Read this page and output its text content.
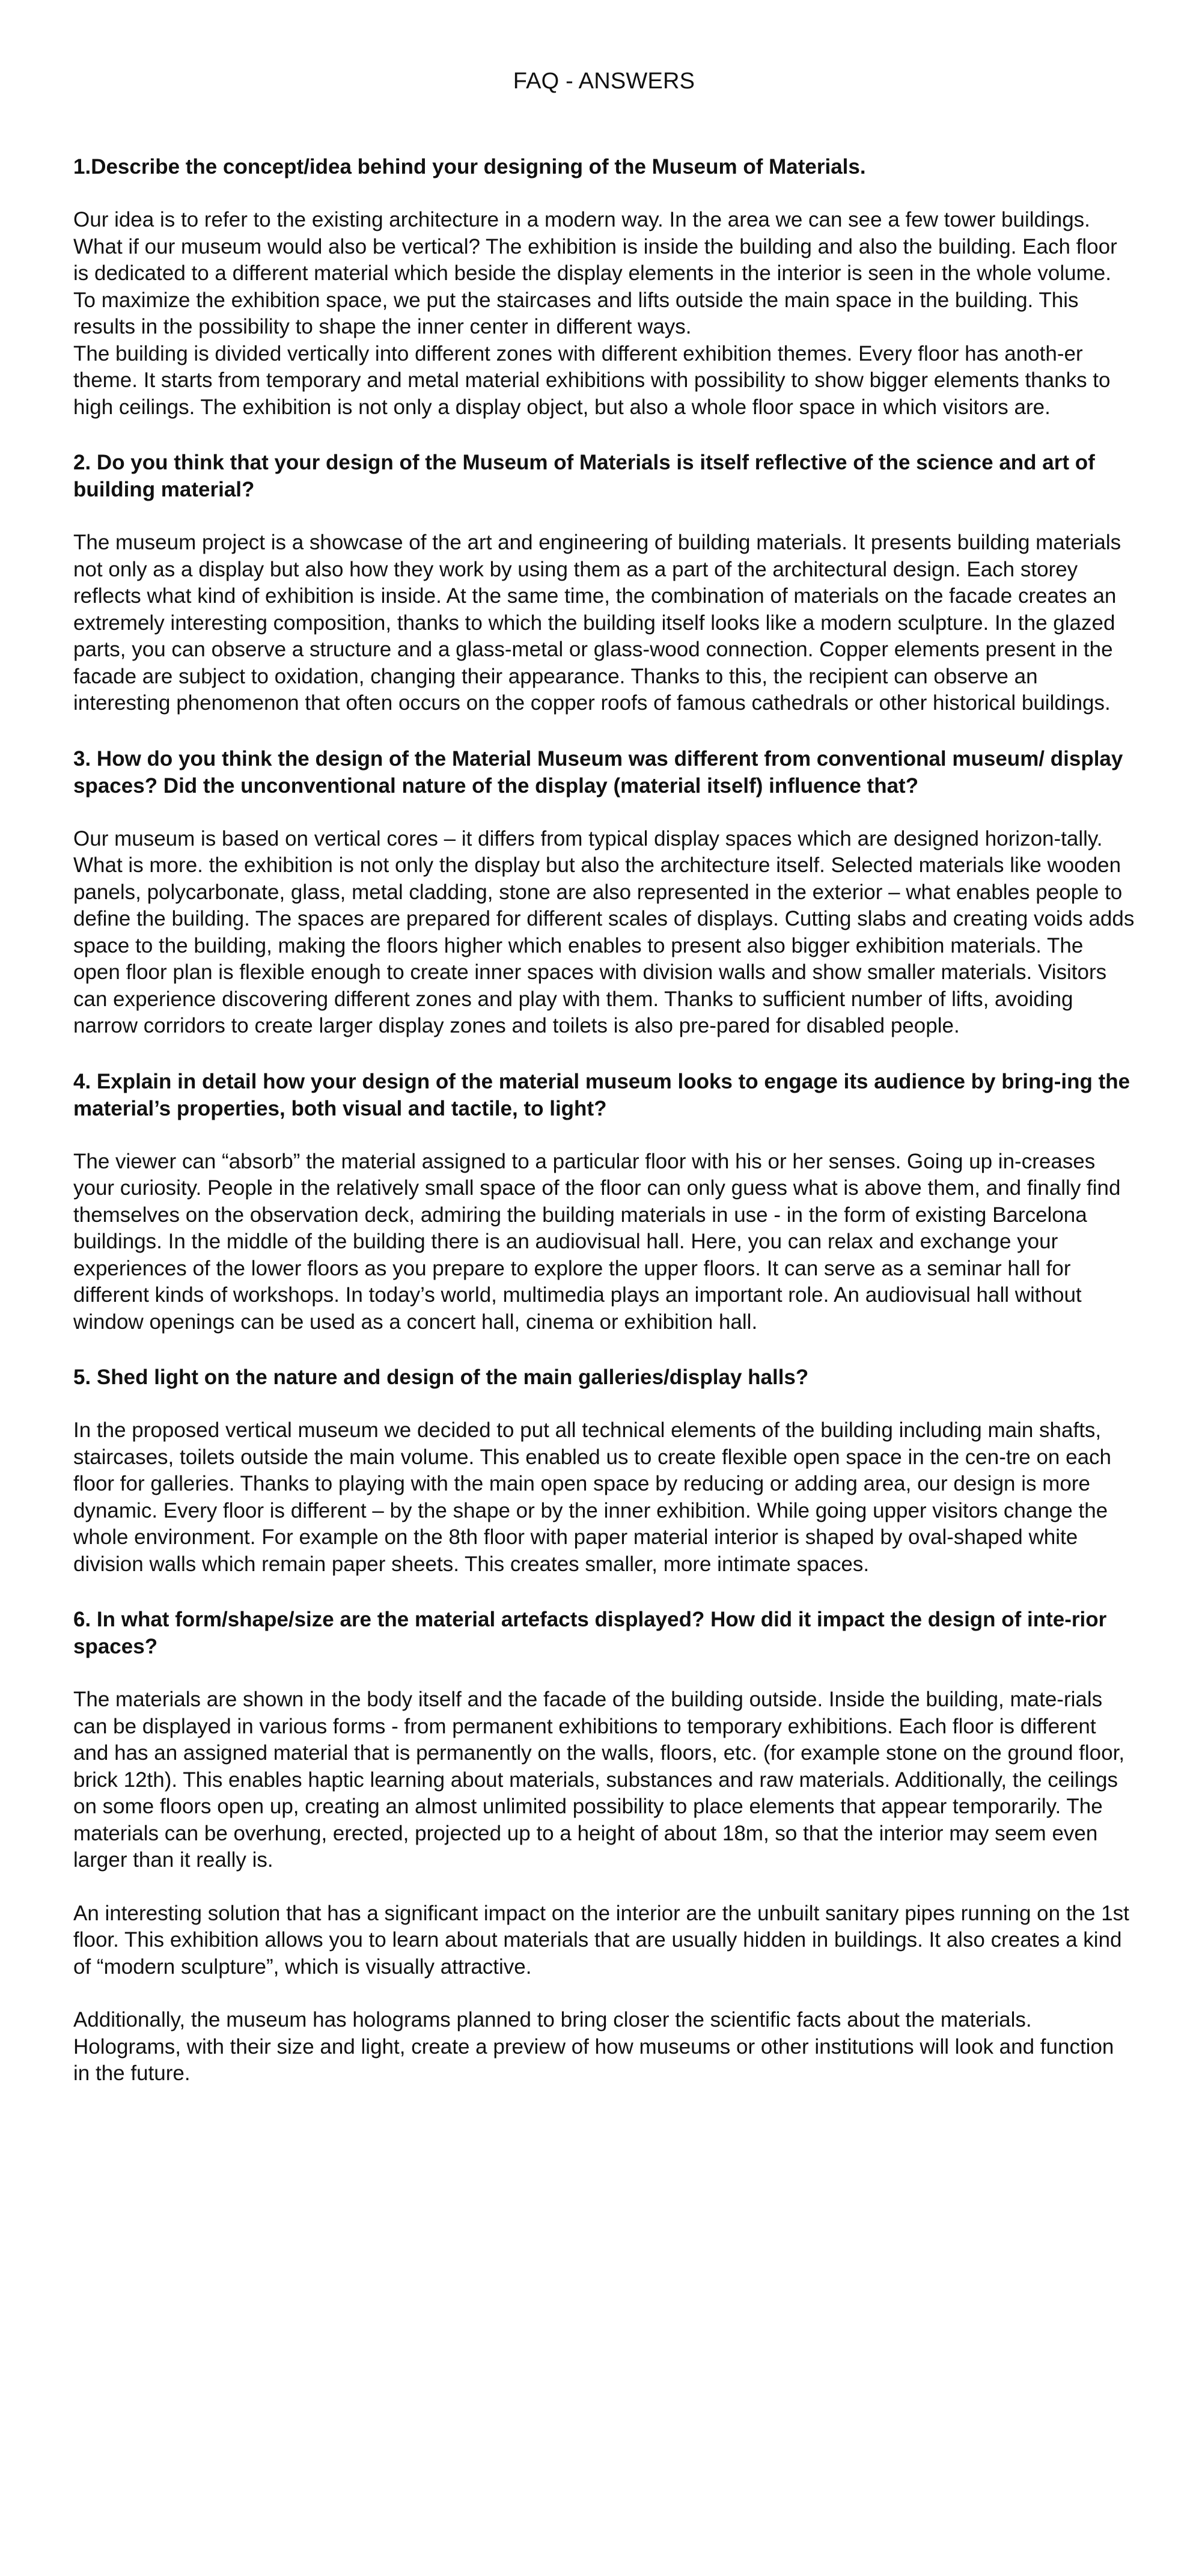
FAQ - ANSWERS
1.Describe the concept/idea behind your designing of the Museum of Materials.

Our idea is to refer to the existing architecture in a modern way. In the area we can see a few tower buildings. What if our museum would also be vertical? The exhibition is inside the building and also the building. Each floor is dedicated to a different material which beside the display elements in the interior is seen in the whole volume. To maximize the exhibition space, we put the staircases and lifts outside the main space in the building. This results in the possibility to shape the inner center in different ways.
The building is divided vertically into different zones with different exhibition themes. Every floor has anoth-er theme. It starts from temporary and metal material exhibitions with possibility to show bigger elements thanks to high ceilings. The exhibition is not only a display object, but also a whole floor space in which visitors are.

2. Do you think that your design of the Museum of Materials is itself reflective of the science and art of building material?

The museum project is a showcase of the art and engineering of building materials. It presents building materials not only as a display but also how they work by using them as a part of the architectural design. Each storey reflects what kind of exhibition is inside. At the same time, the combination of materials on the facade creates an extremely interesting composition, thanks to which the building itself looks like a modern sculpture. In the glazed parts, you can observe a structure and a glass-metal or glass-wood connection. Copper elements present in the facade are subject to oxidation, changing their appearance. Thanks to this, the recipient can observe an interesting phenomenon that often occurs on the copper roofs of famous cathedrals or other historical buildings.

3. How do you think the design of the Material Museum was different from conventional museum/ display spaces? Did the unconventional nature of the display (material itself) influence that?

Our museum is based on vertical cores – it differs from typical display spaces which are designed horizon-tally. What is more. the exhibition is not only the display but also the architecture itself. Selected materials like wooden panels, polycarbonate, glass, metal cladding, stone are also represented in the exterior – what enables people to define the building. The spaces are prepared for different scales of displays. Cutting slabs and creating voids adds space to the building, making the floors higher which enables to present also bigger exhibition materials. The open floor plan is flexible enough to create inner spaces with division walls and show smaller materials. Visitors can experience discovering different zones and play with them. Thanks to sufficient number of lifts, avoiding narrow corridors to create larger display zones and toilets is also pre-pared for disabled people.

4. Explain in detail how your design of the material museum looks to engage its audience by bring-ing the material’s properties, both visual and tactile, to light?

The viewer can “absorb” the material assigned to a particular floor with his or her senses. Going up in-creases your curiosity. People in the relatively small space of the floor can only guess what is above them, and finally find themselves on the observation deck, admiring the building materials in use - in the form of existing Barcelona buildings. In the middle of the building there is an audiovisual hall. Here, you can relax and exchange your experiences of the lower floors as you prepare to explore the upper floors. It can serve as a seminar hall for different kinds of workshops. In today’s world, multimedia plays an important role. An audiovisual hall without window openings can be used as a concert hall, cinema or exhibition hall.

5. Shed light on the nature and design of the main galleries/display halls?

In the proposed vertical museum we decided to put all technical elements of the building including main shafts, staircases, toilets outside the main volume. This enabled us to create flexible open space in the cen-tre on each floor for galleries. Thanks to playing with the main open space by reducing or adding area, our design is more dynamic. Every floor is different – by the shape or by the inner exhibition. While going upper visitors change the whole environment. For example on the 8th floor with paper material interior is shaped by oval-shaped white division walls which remain paper sheets. This creates smaller, more intimate spaces.

6. In what form/shape/size are the material artefacts displayed? How did it impact the design of inte-rior spaces?

The materials are shown in the body itself and the facade of the building outside. Inside the building, mate-rials can be displayed in various forms - from permanent exhibitions to temporary exhibitions. Each floor is different and has an assigned material that is permanently on the walls, floors, etc. (for example stone on the ground floor, brick 12th). This enables haptic learning about materials, substances and raw materials. Additionally, the ceilings on some floors open up, creating an almost unlimited possibility to place elements that appear temporarily. The materials can be overhung, erected, projected up to a height of about 18m, so that the interior may seem even larger than it really is.

An interesting solution that has a significant impact on the interior are the unbuilt sanitary pipes running on the 1st floor. This exhibition allows you to learn about materials that are usually hidden in buildings. It also creates a kind of “modern sculpture”, which is visually attractive.

Additionally, the museum has holograms planned to bring closer the scientific facts about the materials. Holograms, with their size and light, create a preview of how museums or other institutions will look and function in the future.
